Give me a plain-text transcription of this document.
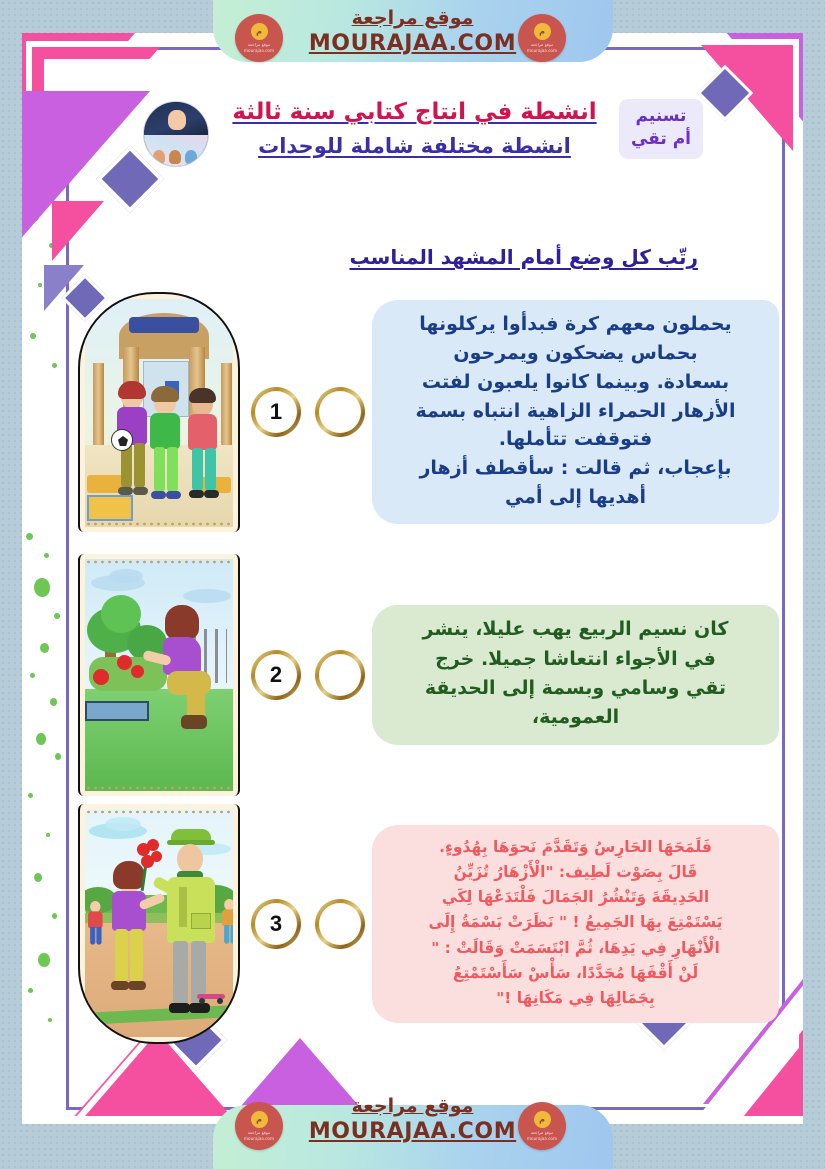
م
موقع مراجعة
mourajaa.com
م
موقع مراجعة
mourajaa.com
موقع مراجعة
MOURAJAA.COM
تسنيم
أم تقي
انشطة في انتاج كتابي سنة ثالثة
انشطة مختلفة شاملة للوحدات
رتّب كل وضع أمام المشهد المناسب
1
يحملون معهم كرة فبدأوا يركلونها
بحماس يضحكون ويمرحون
بسعادة. وبينما كانوا يلعبون لفتت
الأزهار الحمراء الزاهية انتباه بسمة
فتوقفت تتأملها.
بإعجاب، ثم قالت : سأقطف أزهار
أهديها إلى أمي
2
كان نسيم الربيع يهب عليلا، ينشر
في الأجواء انتعاشا جميلا. خرج
تقي وسامي وبسمة إلى الحديقة
العمومية،
3
فَلَمَحَهَا الحَارِسُ وَتَقَدَّمَ نَحوَهَا بِهُدُوءٍ.
قَالَ بِصَوْت لَطِيف: "الْأَزْهَارُ تُزَيِّنُ
الحَدِيقَةَ وَتَنْشُرُ الجَمَالَ فَلْتَدَعْهَا لِكَي
يَسْتَمْتِعَ بِهَا الجَمِيعُ ! " نَظَرَتْ بَسْمَةُ إِلَى
الْأَنْهَارِ فِي يَدِهَا، ثُمَّ ابْتَسَمَتْ وَقَالَتْ : "
لَنْ أَقْفَهَا مُجَدَّدًا، سَأْسْ سَأَسْتَمْتِعُ
بِجَمَالِهَا فِي مَكَانِهَا !"
م
موقع مراجعة
mourajaa.com
م
موقع مراجعة
mourajaa.com
موقع مراجعة
MOURAJAA.COM
